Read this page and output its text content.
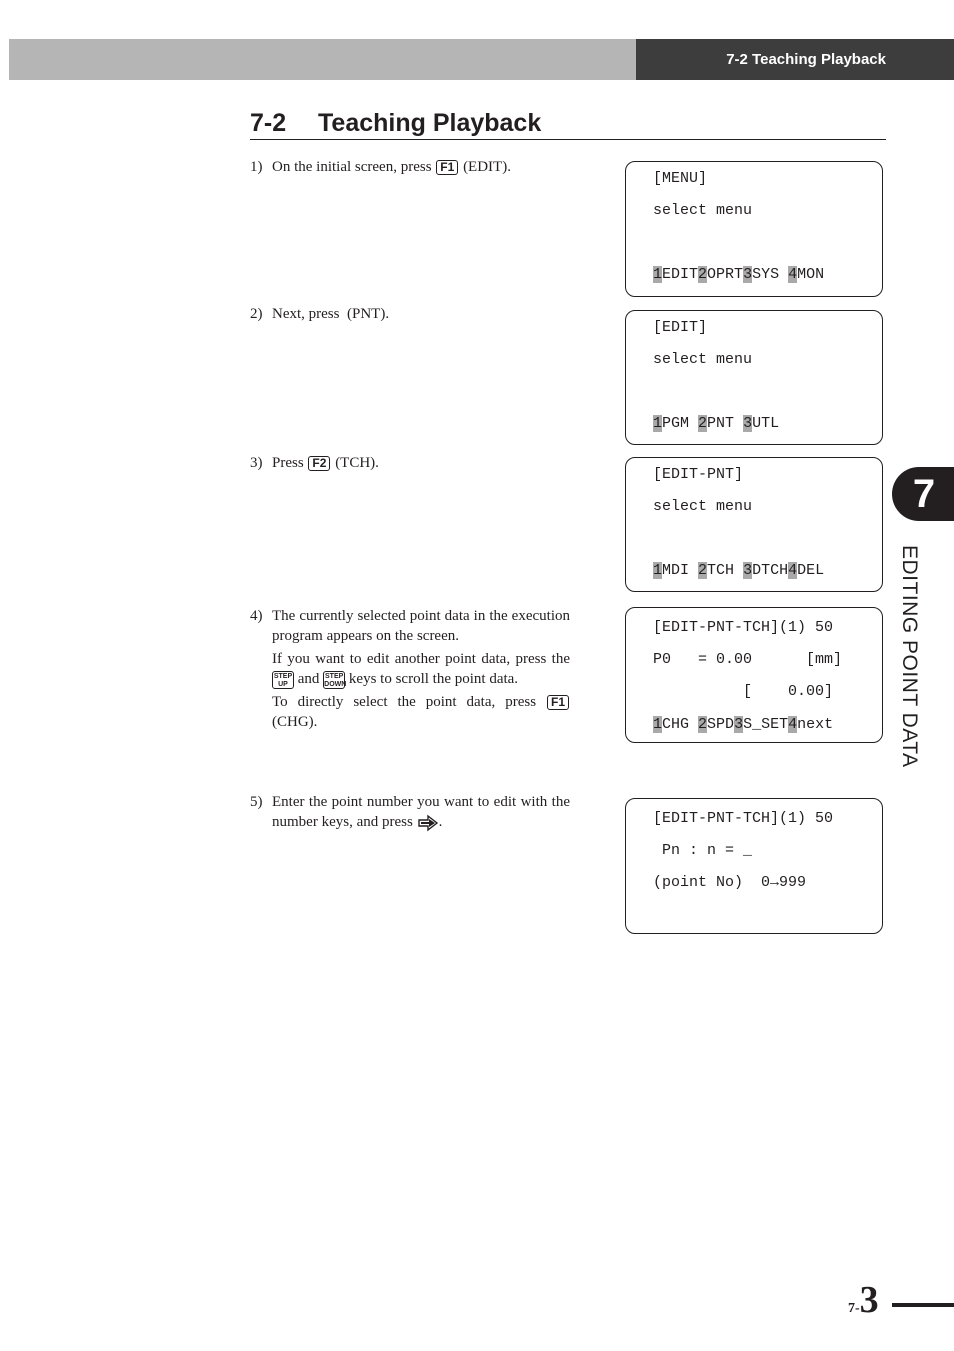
7-2 Teaching Playback
7-2 Teaching Playback
1) On the initial screen, press F1 (EDIT).
2) Next, press  (PNT).
3) Press F2 (TCH).
4) The currently selected point data in the execution program appears on the screen.

If you want to edit another point data, press the STEP
UP and STEP
DOWN keys to scroll the point data.

To directly select the point data, press F1 (CHG).

5) Enter the point number you want to edit with the number keys, and press .
[MENU]
select menu
1EDIT2OPRT3SYS 4MON
[EDIT]
select menu
1PGM 2PNT 3UTL
[EDIT-PNT]
select menu
1MDI 2TCH 3DTCH4DEL
[EDIT-PNT-TCH](1) 50
P0   = 0.00      [mm]
[    0.00]
1CHG 2SPD3S_SET4next
[EDIT-PNT-TCH](1) 50
Pn : n = _
(point No)  0→999
7
EDITING POINT DATA
7-3
